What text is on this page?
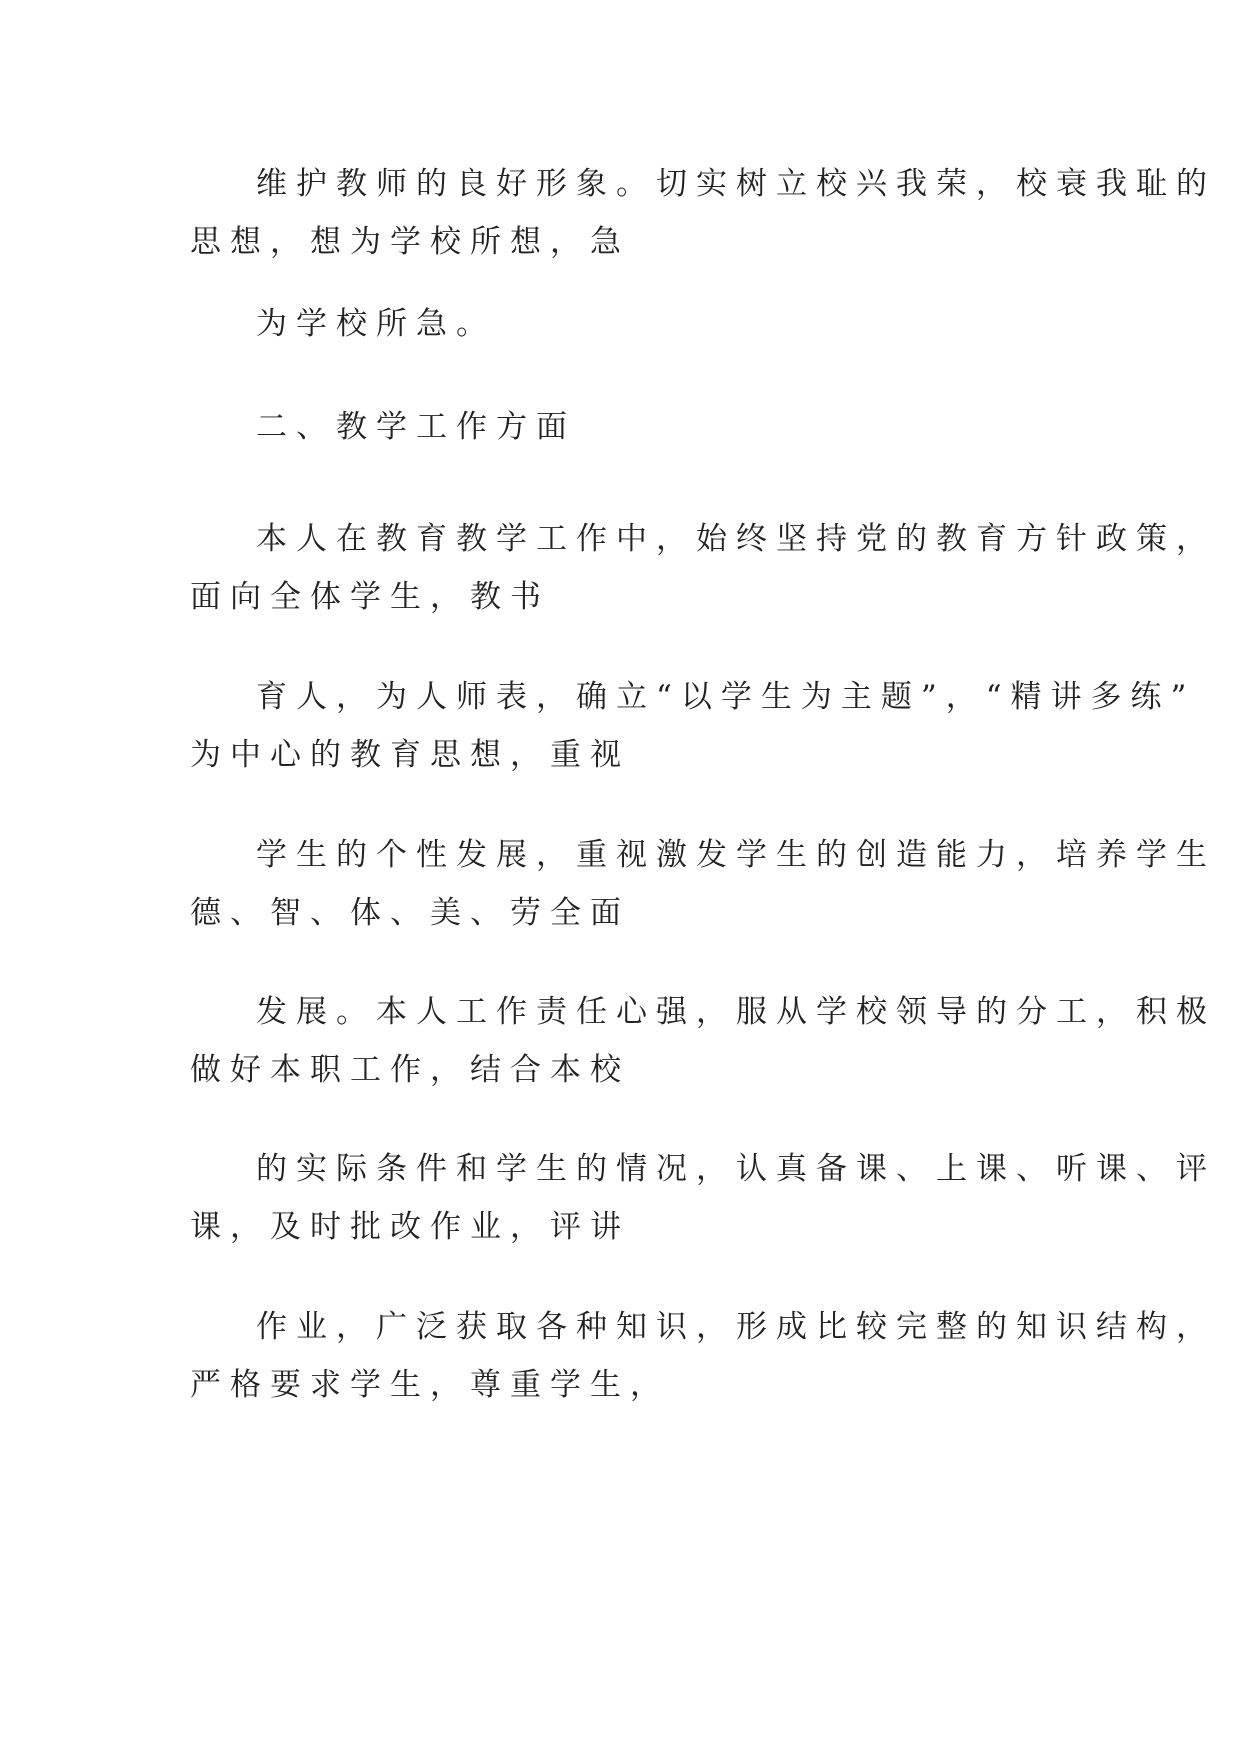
维护教师的良好形象。切实树立校兴我荣，校衰我耻的
思想，想为学校所想，急
为学校所急。
二、教学工作方面
本人在教育教学工作中，始终坚持党的教育方针政策，
面向全体学生，教书
育人，为人师表，确立“以学生为主题”，“精讲多练”
为中心的教育思想，重视
学生的个性发展，重视激发学生的创造能力，培养学生
德、智、体、美、劳全面
发展。本人工作责任心强，服从学校领导的分工，积极
做好本职工作，结合本校
的实际条件和学生的情况，认真备课、上课、听课、评
课，及时批改作业，评讲
作业，广泛获取各种知识，形成比较完整的知识结构，
严格要求学生，尊重学生，
